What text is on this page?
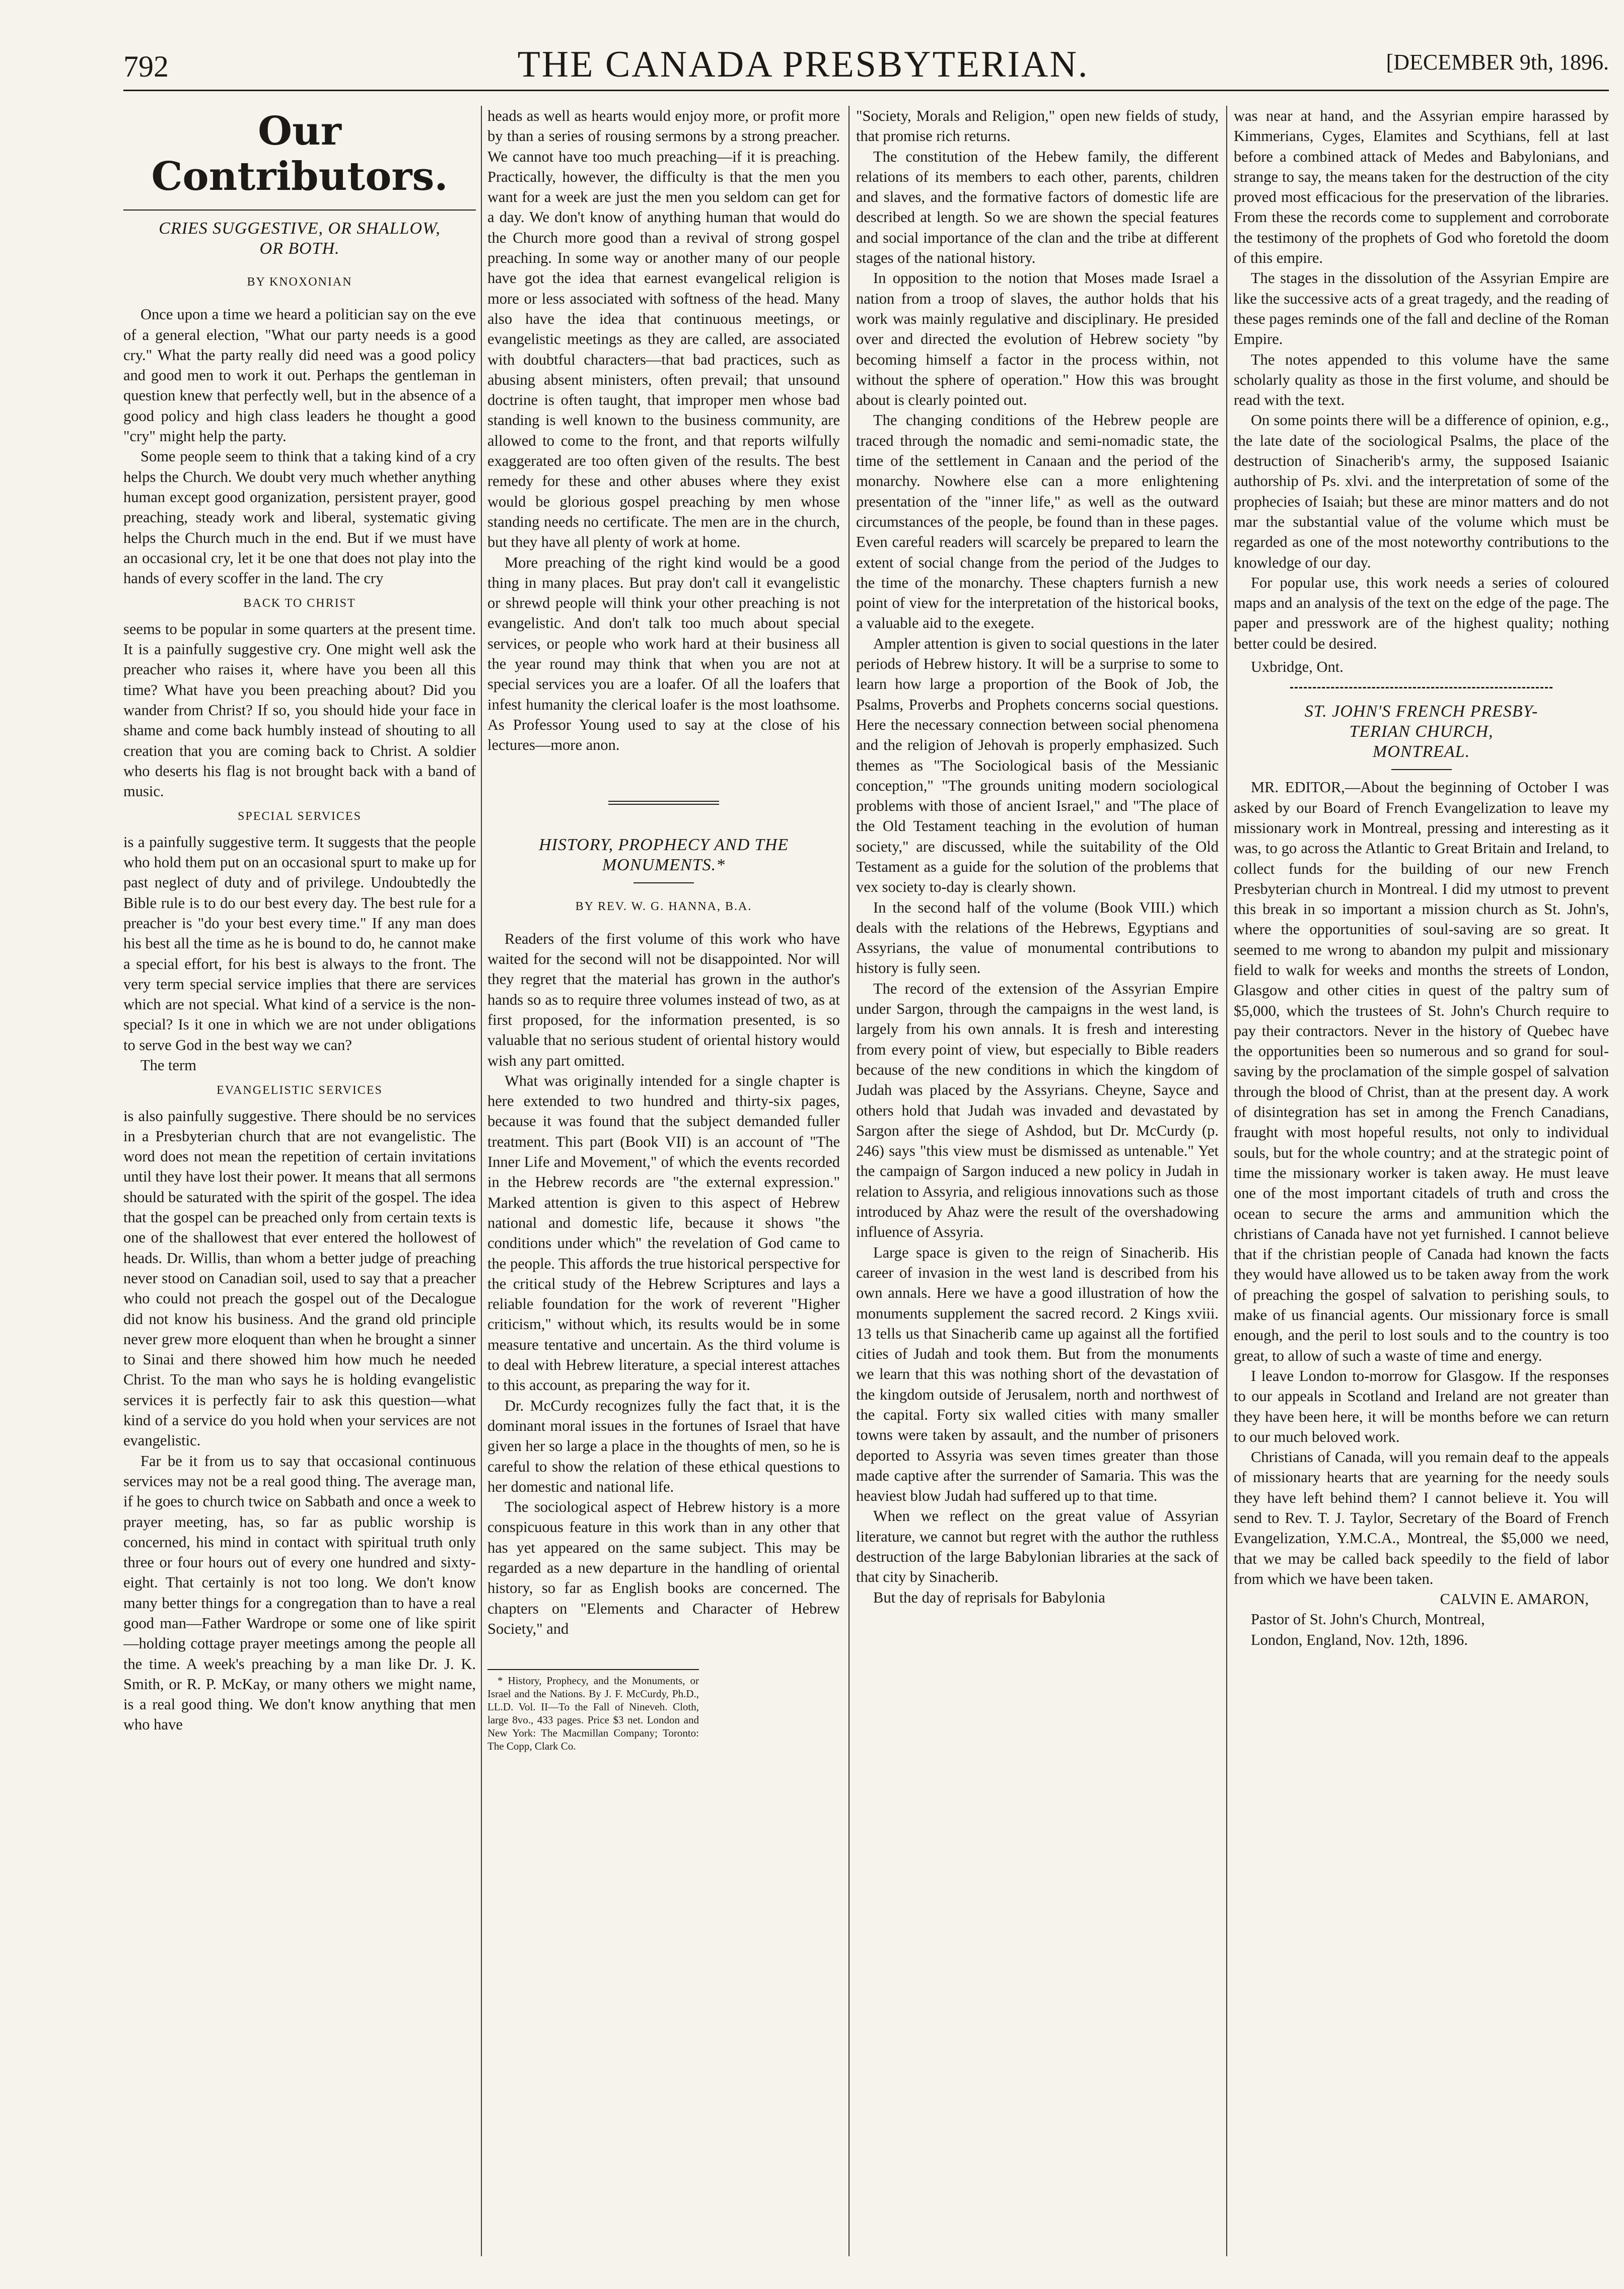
792	THE CANADA PRESBYTERIAN.	[DECEMBER 9th, 1896.
Our Contributors.
CRIES SUGGESTIVE, OR SHALLOW,
OR BOTH.
BY KNOXONIAN

Once upon a time we heard a politician say on the eve of a general election, "What our party needs is a good cry." What the party really did need was a good policy and good men to work it out. Perhaps the gentleman in question knew that perfectly well, but in the absence of a good policy and high class leaders he thought a good "cry" might help the party.

Some people seem to think that a taking kind of a cry helps the Church. We doubt very much whether anything human except good organization, persistent prayer, good preaching, steady work and liberal, systematic giving helps the Church much in the end. But if we must have an occasional cry, let it be one that does not play into the hands of every scoffer in the land. The cry

BACK TO CHRIST

seems to be popular in some quarters at the present time. It is a painfully suggestive cry. One might well ask the preacher who raises it, where have you been all this time? What have you been preaching about? Did you wander from Christ? If so, you should hide your face in shame and come back humbly instead of shouting to all creation that you are coming back to Christ. A soldier who deserts his flag is not brought back with a band of music.

SPECIAL SERVICES

is a painfully suggestive term. It suggests that the people who hold them put on an occasional spurt to make up for past neglect of duty and of privilege. Undoubtedly the Bible rule is to do our best every day. The best rule for a preacher is "do your best every time." If any man does his best all the time as he is bound to do, he cannot make a special effort, for his best is always to the front. The very term special service implies that there are services which are not special. What kind of a service is the non-special? Is it one in which we are not under obligations to serve God in the best way we can?

The term

EVANGELISTIC SERVICES

is also painfully suggestive. There should be no services in a Presbyterian church that are not evangelistic. The word does not mean the repetition of certain invitations until they have lost their power. It means that all sermons should be saturated with the spirit of the gospel. The idea that the gospel can be preached only from certain texts is one of the shallowest that ever entered the hollowest of heads. Dr. Willis, than whom a better judge of preaching never stood on Canadian soil, used to say that a preacher who could not preach the gospel out of the Decalogue did not know his business. And the grand old principle never grew more eloquent than when he brought a sinner to Sinai and there showed him how much he needed Christ. To the man who says he is holding evangelistic services it is perfectly fair to ask this question—what kind of a service do you hold when your services are not evangelistic.

Far be it from us to say that occasional continuous services may not be a real good thing. The average man, if he goes to church twice on Sabbath and once a week to prayer meeting, has, so far as public worship is concerned, his mind in contact with spiritual truth only three or four hours out of every one hundred and sixty-eight. That certainly is not too long. We don't know many better things for a congregation than to have a real good man—Father Wardrope or some one of like spirit—holding cottage prayer meetings among the people all the time. A week's preaching by a man like Dr. J. K. Smith, or R. P. McKay, or many others we might name, is a real good thing. We don't know anything that men who have

heads as well as hearts would enjoy more, or profit more by than a series of rousing sermons by a strong preacher. We cannot have too much preaching—if it is preaching. Practically, however, the difficulty is that the men you want for a week are just the men you seldom can get for a day. We don't know of anything human that would do the Church more good than a revival of strong gospel preaching. In some way or another many of our people have got the idea that earnest evangelical religion is more or less associated with softness of the head. Many also have the idea that continuous meetings, or evangelistic meetings as they are called, are associated with doubtful characters—that bad practices, such as abusing absent ministers, often prevail; that unsound doctrine is often taught, that improper men whose bad standing is well known to the business community, are allowed to come to the front, and that reports wilfully exaggerated are too often given of the results. The best remedy for these and other abuses where they exist would be glorious gospel preaching by men whose standing needs no certificate. The men are in the church, but they have all plenty of work at home.

More preaching of the right kind would be a good thing in many places. But pray don't call it evangelistic or shrewd people will think your other preaching is not evangelistic. And don't talk too much about special services, or people who work hard at their business all the year round may think that when you are not at special services you are a loafer. Of all the loafers that infest humanity the clerical loafer is the most loathsome. As Professor Young used to say at the close of his lectures—more anon.

HISTORY, PROPHECY AND THE
MONUMENTS.*
BY REV. W. G. HANNA, B.A.

Readers of the first volume of this work who have waited for the second will not be disappointed. Nor will they regret that the material has grown in the author's hands so as to require three volumes instead of two, as at first proposed, for the information presented, is so valuable that no serious student of oriental history would wish any part omitted.

What was originally intended for a single chapter is here extended to two hundred and thirty-six pages, because it was found that the subject demanded fuller treatment. This part (Book VII) is an account of "The Inner Life and Movement," of which the events recorded in the Hebrew records are "the external expression." Marked attention is given to this aspect of Hebrew national and domestic life, because it shows "the conditions under which" the revelation of God came to the people. This affords the true historical perspective for the critical study of the Hebrew Scriptures and lays a reliable foundation for the work of reverent "Higher criticism," without which, its results would be in some measure tentative and uncertain. As the third volume is to deal with Hebrew literature, a special interest attaches to this account, as preparing the way for it.

Dr. McCurdy recognizes fully the fact that, it is the dominant moral issues in the fortunes of Israel that have given her so large a place in the thoughts of men, so he is careful to show the relation of these ethical questions to her domestic and national life.

The sociological aspect of Hebrew history is a more conspicuous feature in this work than in any other that has yet appeared on the same subject. This may be regarded as a new departure in the handling of oriental history, so far as English books are concerned. The chapters on "Elements and Character of Hebrew Society," and

* History, Prophecy, and the Monuments, or Israel and the Nations. By J. F. McCurdy, Ph.D., LL.D. Vol. II—To the Fall of Nineveh. Cloth, large 8vo., 433 pages. Price $3 net. London and New York: The Macmillan Company; Toronto: The Copp, Clark Co.

"Society, Morals and Religion," open new fields of study, that promise rich returns.

The constitution of the Hebew family, the different relations of its members to each other, parents, children and slaves, and the formative factors of domestic life are described at length. So we are shown the special features and social importance of the clan and the tribe at different stages of the national history.

In opposition to the notion that Moses made Israel a nation from a troop of slaves, the author holds that his work was mainly regulative and disciplinary. He presided over and directed the evolution of Hebrew society "by becoming himself a factor in the process within, not without the sphere of operation." How this was brought about is clearly pointed out.

The changing conditions of the Hebrew people are traced through the nomadic and semi-nomadic state, the time of the settlement in Canaan and the period of the monarchy. Nowhere else can a more enlightening presentation of the "inner life," as well as the outward circumstances of the people, be found than in these pages. Even careful readers will scarcely be prepared to learn the extent of social change from the period of the Judges to the time of the monarchy. These chapters furnish a new point of view for the interpretation of the historical books, a valuable aid to the exegete.

Ampler attention is given to social questions in the later periods of Hebrew history. It will be a surprise to some to learn how large a proportion of the Book of Job, the Psalms, Proverbs and Prophets concerns social questions. Here the necessary connection between social phenomena and the religion of Jehovah is properly emphasized. Such themes as "The Sociological basis of the Messianic conception," "The grounds uniting modern sociological problems with those of ancient Israel," and "The place of the Old Testament teaching in the evolution of human society," are discussed, while the suitability of the Old Testament as a guide for the solution of the problems that vex society to-day is clearly shown.

In the second half of the volume (Book VIII.) which deals with the relations of the Hebrews, Egyptians and Assyrians, the value of monumental contributions to history is fully seen.

The record of the extension of the Assyrian Empire under Sargon, through the campaigns in the west land, is largely from his own annals. It is fresh and interesting from every point of view, but especially to Bible readers because of the new conditions in which the kingdom of Judah was placed by the Assyrians. Cheyne, Sayce and others hold that Judah was invaded and devastated by Sargon after the siege of Ashdod, but Dr. McCurdy (p. 246) says "this view must be dismissed as untenable." Yet the campaign of Sargon induced a new policy in Judah in relation to Assyria, and religious innovations such as those introduced by Ahaz were the result of the overshadowing influence of Assyria.

Large space is given to the reign of Sinacherib. His career of invasion in the west land is described from his own annals. Here we have a good illustration of how the monuments supplement the sacred record. 2 Kings xviii. 13 tells us that Sinacherib came up against all the fortified cities of Judah and took them. But from the monuments we learn that this was nothing short of the devastation of the kingdom outside of Jerusalem, north and northwest of the capital. Forty six walled cities with many smaller towns were taken by assault, and the number of prisoners deported to Assyria was seven times greater than those made captive after the surrender of Samaria. This was the heaviest blow Judah had suffered up to that time.

When we reflect on the great value of Assyrian literature, we cannot but regret with the author the ruthless destruction of the large Babylonian libraries at the sack of that city by Sinacherib.

But the day of reprisals for Babylonia

was near at hand, and the Assyrian empire harassed by Kimmerians, Cyges, Elamites and Scythians, fell at last before a combined attack of Medes and Babylonians, and strange to say, the means taken for the destruction of the city proved most efficacious for the preservation of the libraries. From these the records come to supplement and corroborate the testimony of the prophets of God who foretold the doom of this empire.

The stages in the dissolution of the Assyrian Empire are like the successive acts of a great tragedy, and the reading of these pages reminds one of the fall and decline of the Roman Empire.

The notes appended to this volume have the same scholarly quality as those in the first volume, and should be read with the text.

On some points there will be a difference of opinion, e.g., the late date of the sociological Psalms, the place of the destruction of Sinacherib's army, the supposed Isaianic authorship of Ps. xlvi. and the interpretation of some of the prophecies of Isaiah; but these are minor matters and do not mar the substantial value of the volume which must be regarded as one of the most noteworthy contributions to the knowledge of our day.

For popular use, this work needs a series of coloured maps and an analysis of the text on the edge of the page. The paper and presswork are of the highest quality; nothing better could be desired.

Uxbridge, Ont.

ST. JOHN'S FRENCH PRESBY-
TERIAN CHURCH,
MONTREAL.

MR. EDITOR,—About the beginning of October I was asked by our Board of French Evangelization to leave my missionary work in Montreal, pressing and interesting as it was, to go across the Atlantic to Great Britain and Ireland, to collect funds for the building of our new French Presbyterian church in Montreal. I did my utmost to prevent this break in so important a mission church as St. John's, where the opportunities of soul-saving are so great. It seemed to me wrong to abandon my pulpit and missionary field to walk for weeks and months the streets of London, Glasgow and other cities in quest of the paltry sum of $5,000, which the trustees of St. John's Church require to pay their contractors. Never in the history of Quebec have the opportunities been so numerous and so grand for soul-saving by the proclamation of the simple gospel of salvation through the blood of Christ, than at the present day. A work of disintegration has set in among the French Canadians, fraught with most hopeful results, not only to individual souls, but for the whole country; and at the strategic point of time the missionary worker is taken away. He must leave one of the most important citadels of truth and cross the ocean to secure the arms and ammunition which the christians of Canada have not yet furnished. I cannot believe that if the christian people of Canada had known the facts they would have allowed us to be taken away from the work of preaching the gospel of salvation to perishing souls, to make of us financial agents. Our missionary force is small enough, and the peril to lost souls and to the country is too great, to allow of such a waste of time and energy.

I leave London to-morrow for Glasgow. If the responses to our appeals in Scotland and Ireland are not greater than they have been here, it will be months before we can return to our much beloved work.

Christians of Canada, will you remain deaf to the appeals of missionary hearts that are yearning for the needy souls they have left behind them? I cannot believe it. You will send to Rev. T. J. Taylor, Secretary of the Board of French Evangelization, Y.M.C.A., Montreal, the $5,000 we need, that we may be called back speedily to the field of labor from which we have been taken.

CALVIN E. AMARON,

Pastor of St. John's Church, Montreal,

London, England, Nov. 12th, 1896.
